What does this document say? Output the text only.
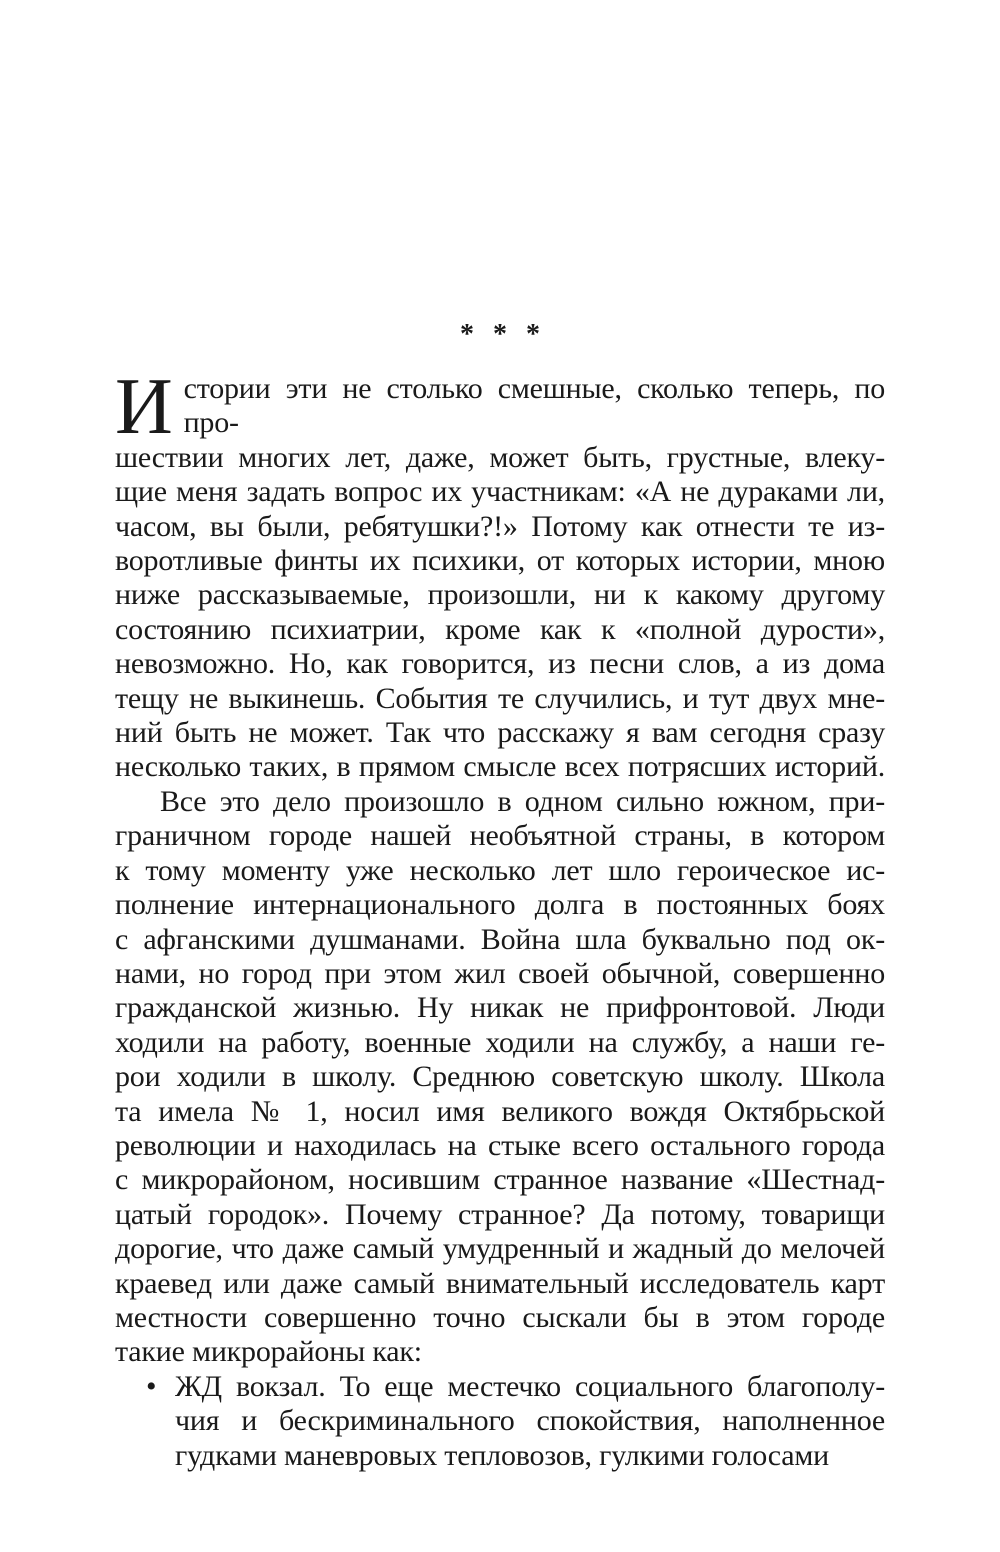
* * *
И стории эти не столько смешные, сколько теперь, по про-
шествии многих лет, даже, может быть, грустные, влеку-
щие меня задать вопрос их участникам: «А не дураками ли,
часом, вы были, ребятушки?!» Потому как отнести те из-
воротливые финты их психики, от которых истории, мною
ниже рассказываемые, произошли, ни к какому другому
состоянию психиатрии, кроме как к «полной дурости»,
невозможно. Но, как говорится, из песни слов, а из дома
тещу не выкинешь. События те случились, и тут двух мне-
ний быть не может. Так что расскажу я вам сегодня сразу
несколько таких, в прямом смысле всех потрясших историй.
Все это дело произошло в одном сильно южном, при-
граничном городе нашей необъятной страны, в котором
к тому моменту уже несколько лет шло героическое ис-
полнение интернационального долга в постоянных боях
с афганскими душманами. Война шла буквально под ок-
нами, но город при этом жил своей обычной, совершенно
гражданской жизнью. Ну никак не прифронтовой. Люди
ходили на работу, военные ходили на службу, а наши ге-
рои ходили в школу. Среднюю советскую школу. Школа
та имела № 1, носил имя великого вождя Октябрьской
революции и находилась на стыке всего остального города
с микрорайоном, носившим странное название «Шестнад-
цатый городок». Почему странное? Да потому, товарищи
дорогие, что даже самый умудренный и жадный до мелочей
краевед или даже самый внимательный исследователь карт
местности совершенно точно сыскали бы в этом городе
такие микрорайоны как:
• ЖД вокзал. То еще местечко социального благополу-
чия и бескриминального спокойствия, наполненное
гудками маневровых тепловозов, гулкими голосами
